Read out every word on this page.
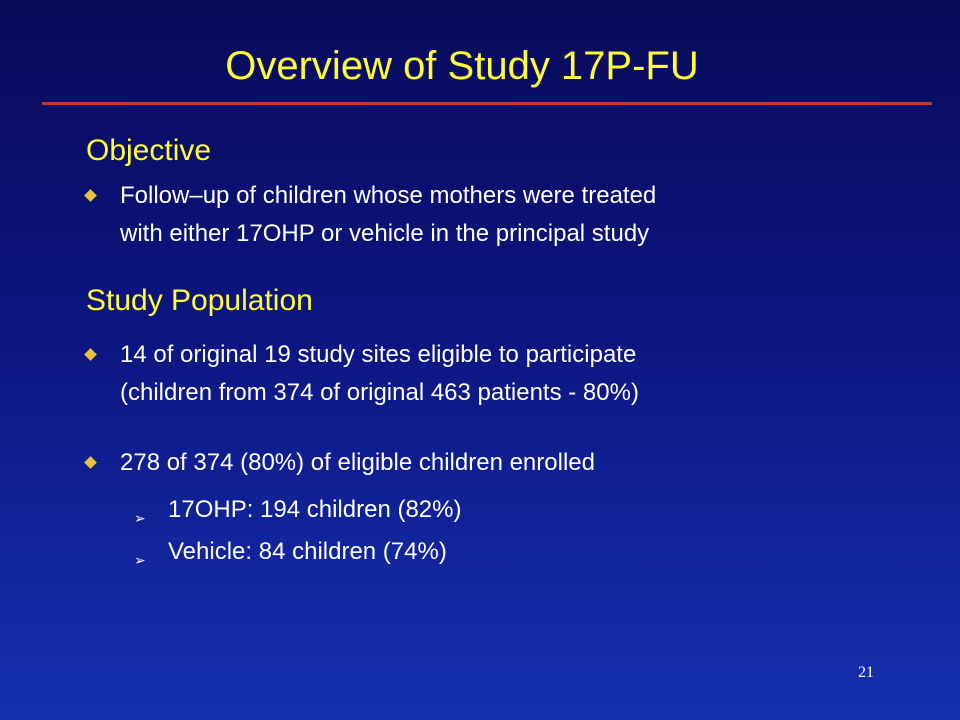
Overview of Study 17P-FU
Objective
Follow–up of children whose mothers were treated
with either 17OHP or vehicle in the principal study
Study Population
14 of original 19 study sites eligible to participate
(children from 374 of original 463 patients - 80%)
278 of 374 (80%) of eligible children enrolled
➢ 17OHP: 194 children (82%)
➢ Vehicle: 84 children (74%)
21
